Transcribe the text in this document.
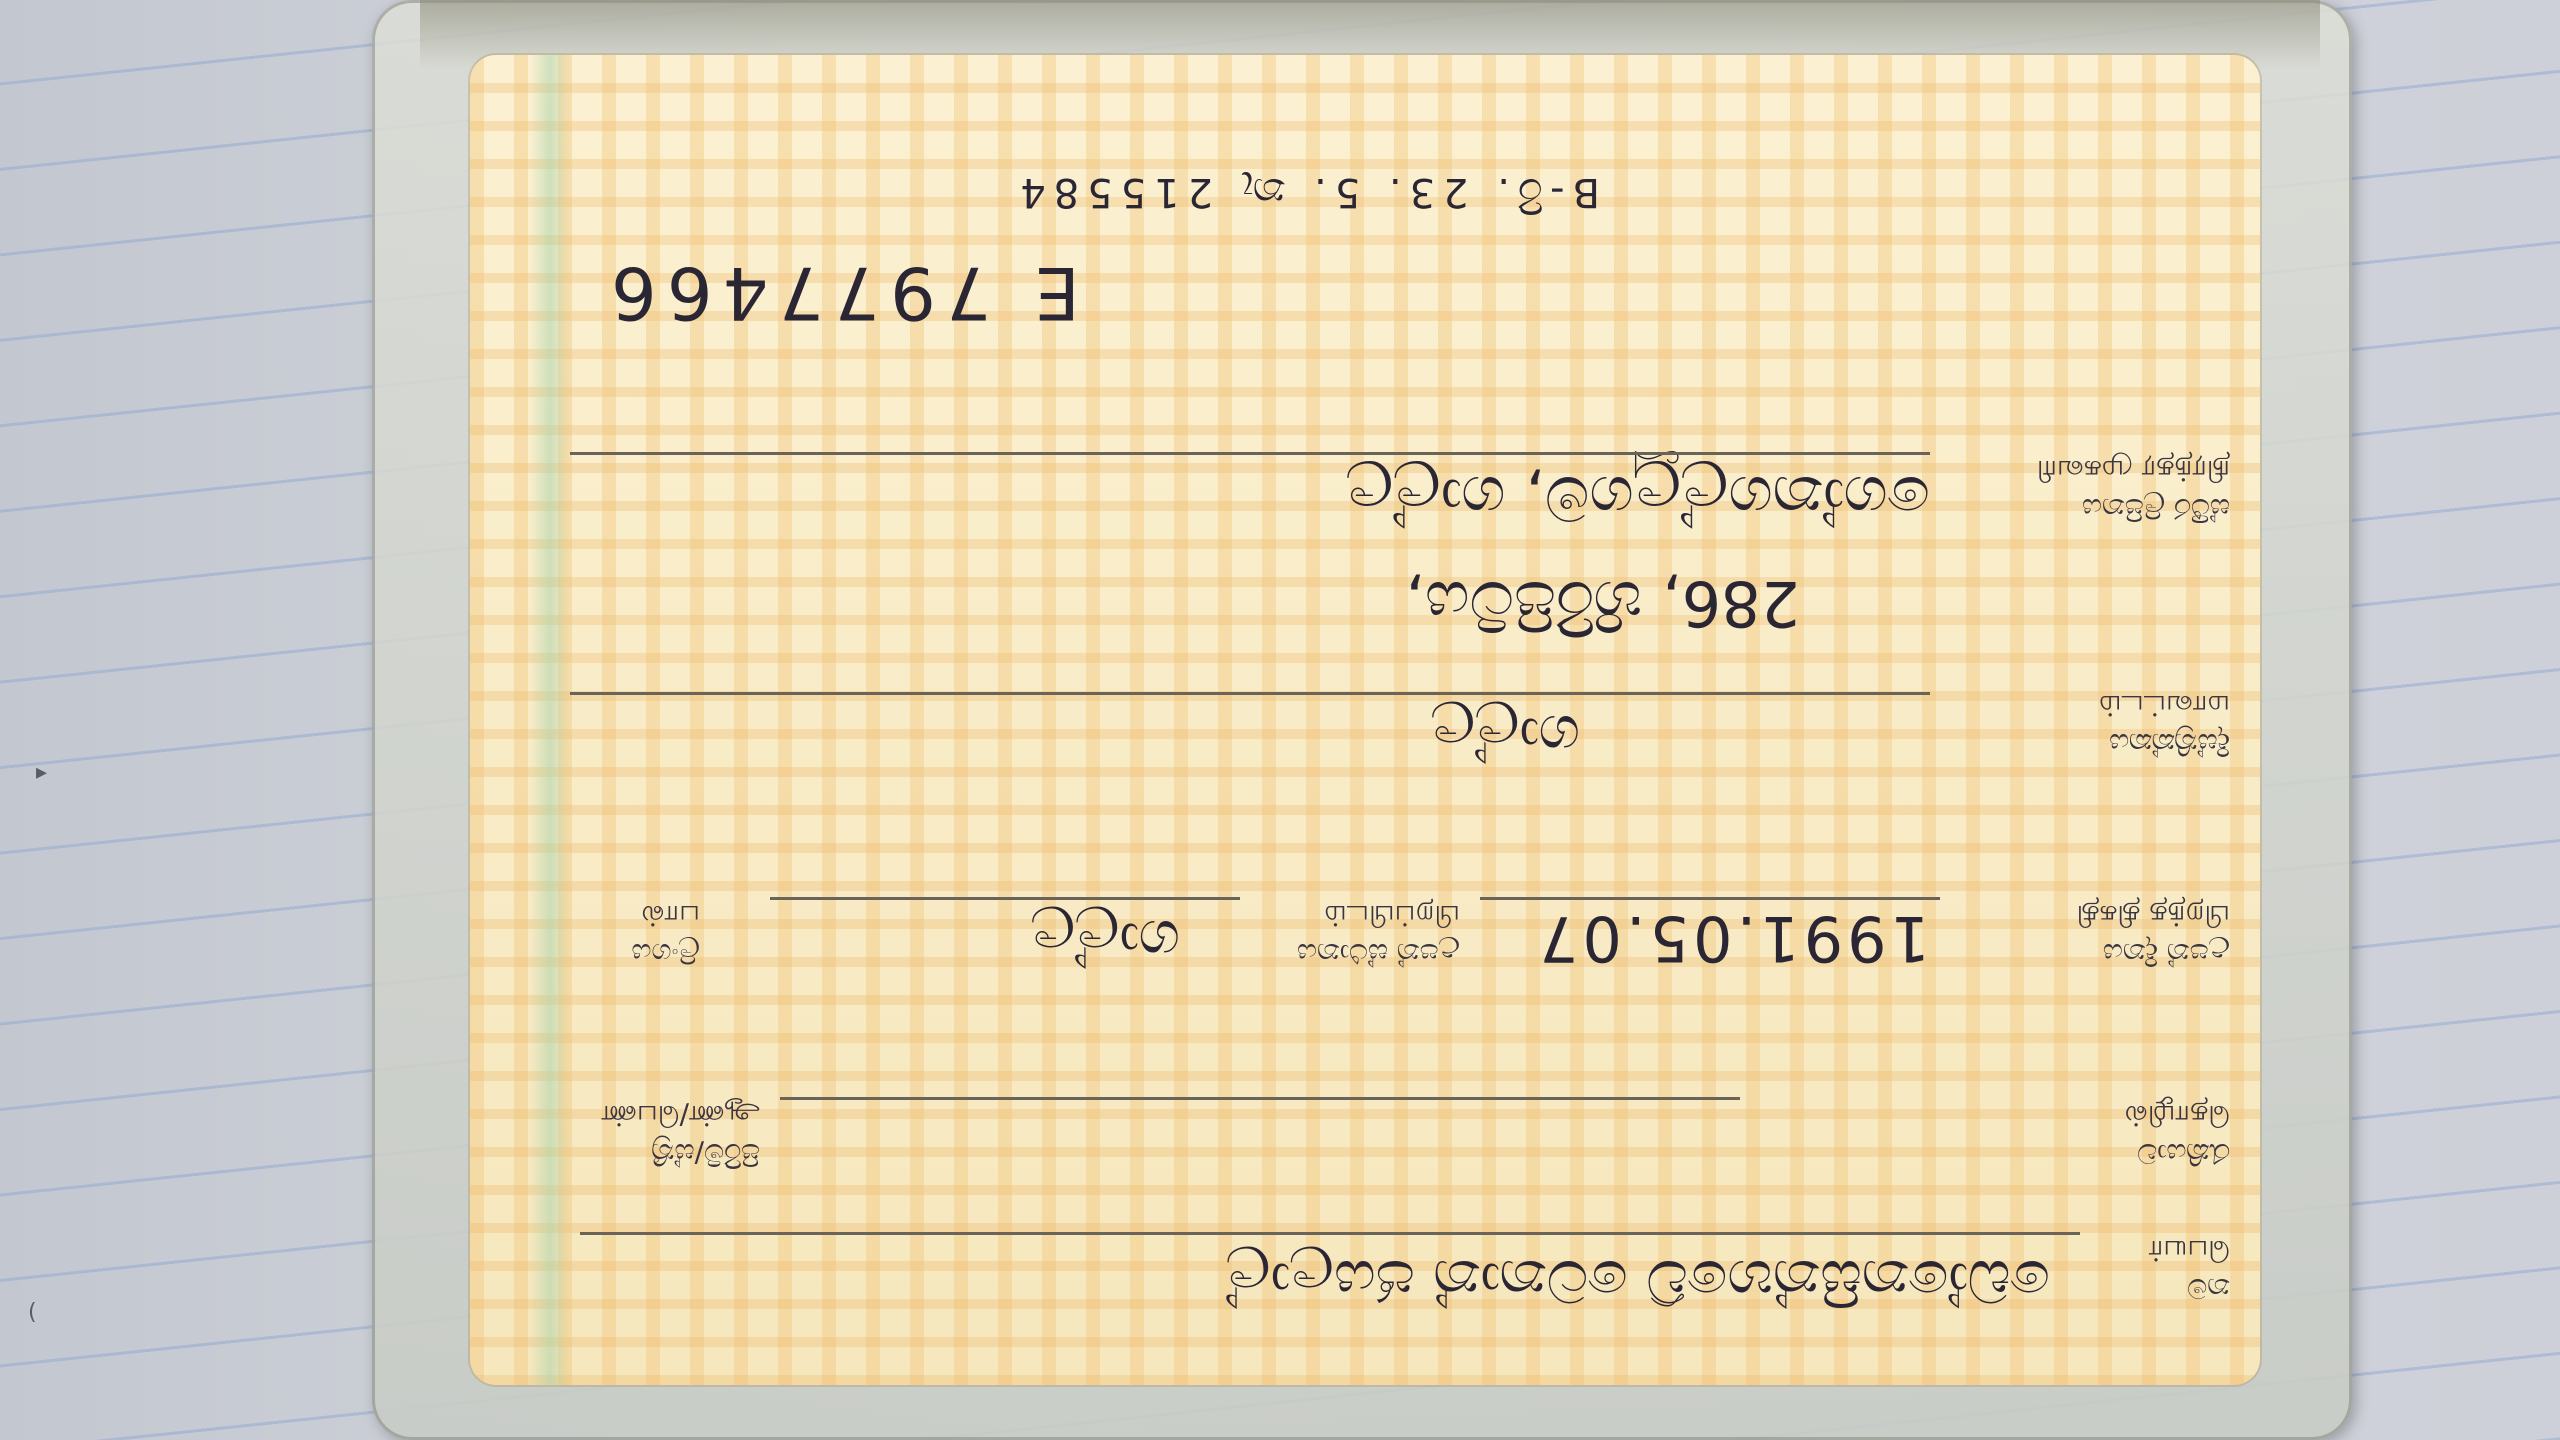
▸
(
නම
பெயர்
ඩෝනෙසින්හවේ ටෙනාන් ජයලාල්
රැකියාව
தொழில்
පිරිමි/ස්ත්‍රී
ஆண்/பெண்
උපන් දිනය
பிறந்த திகதி
1991.05.07
උපන් ස්ථානය
பிறப்பிடம்
ගාල්ල
ලිංගය
பால்
දිස්ත්‍රික්කය
மாவட்டம்
ගාල්ල
286, හිරිපිටිය,
ස්ථිර ලිපිනය
நிரந்தர முகவரி
ගෝනගල්ලූගම, ගාල්ල
E 7977466
B-රි. 23. 5. නැ 215584
